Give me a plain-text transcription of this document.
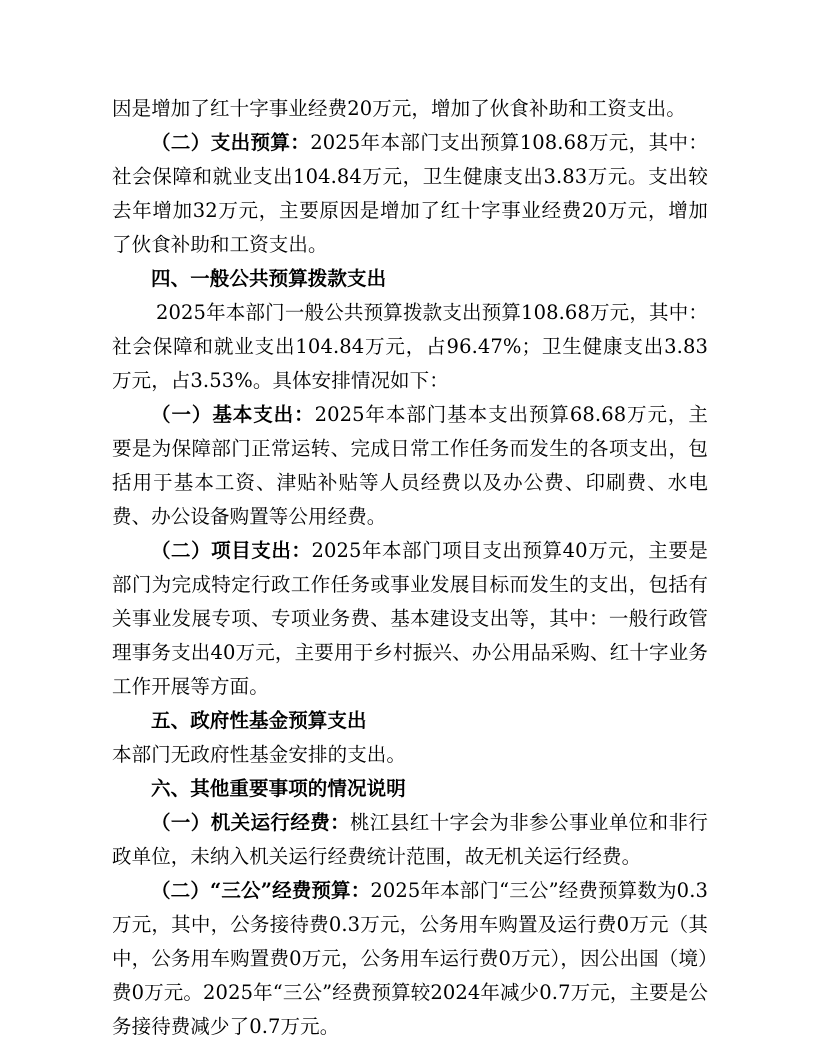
因是增加了红十字事业经费20万元，增加了伙食补助和工资支出。

（二）支出预算：2025年本部门支出预算108.68万元，其中：社会保障和就业支出104.84万元，卫生健康支出3.83万元。支出较去年增加32万元，主要原因是增加了红十字事业经费20万元，增加了伙食补助和工资支出。

四、一般公共预算拨款支出

2025年本部门一般公共预算拨款支出预算108.68万元，其中：社会保障和就业支出104.84万元，占96.47%；卫生健康支出3.83万元，占3.53%。具体安排情况如下：

（一）基本支出：2025年本部门基本支出预算68.68万元，主要是为保障部门正常运转、完成日常工作任务而发生的各项支出，包括用于基本工资、津贴补贴等人员经费以及办公费、印刷费、水电费、办公设备购置等公用经费。

（二）项目支出：2025年本部门项目支出预算40万元，主要是部门为完成特定行政工作任务或事业发展目标而发生的支出，包括有关事业发展专项、专项业务费、基本建设支出等，其中：一般行政管理事务支出40万元，主要用于乡村振兴、办公用品采购、红十字业务工作开展等方面。

五、政府性基金预算支出

本部门无政府性基金安排的支出。

六、其他重要事项的情况说明

（一）机关运行经费：桃江县红十字会为非参公事业单位和非行政单位，未纳入机关运行经费统计范围，故无机关运行经费。

（二）“三公”经费预算：2025年本部门“三公”经费预算数为0.3万元，其中，公务接待费0.3万元，公务用车购置及运行费0万元（其中，公务用车购置费0万元，公务用车运行费0万元），因公出国（境）费0万元。2025年“三公”经费预算较2024年减少0.7万元，主要是公务接待费减少了0.7万元。
